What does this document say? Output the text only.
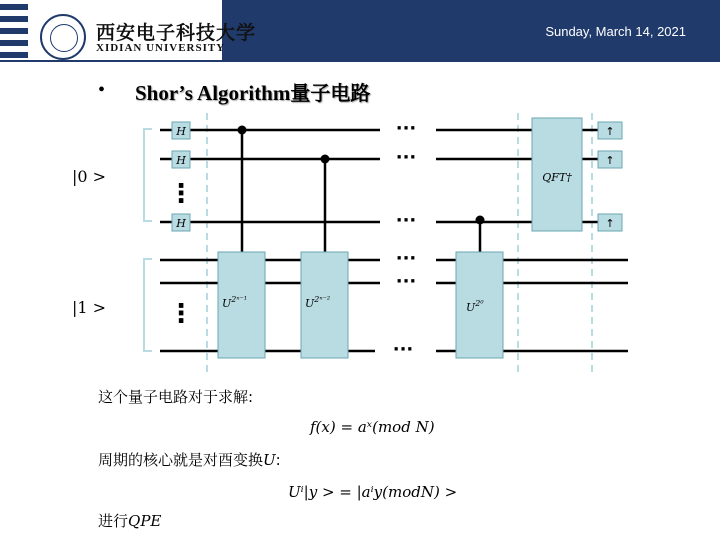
Sunday, March 14, 2021
西安电子科技大学
XIDIAN UNIVERSITY
• Shor’s Algorithm量子电路
H
H
H
$U^{2^{n-1}}$	$U^{2^{n-2}}$
$U^{2^0}$
QFT†
↑
↑
↑
···
···
···
···
···
···
⋮
⋮
|0 >
|1 >
这个量子电路对于求解:
f(x) = aˣ(mod N)
周期的核心就是对酉变换U:
Uⁱ|y > = |aⁱy(modN) >
进行QPE
